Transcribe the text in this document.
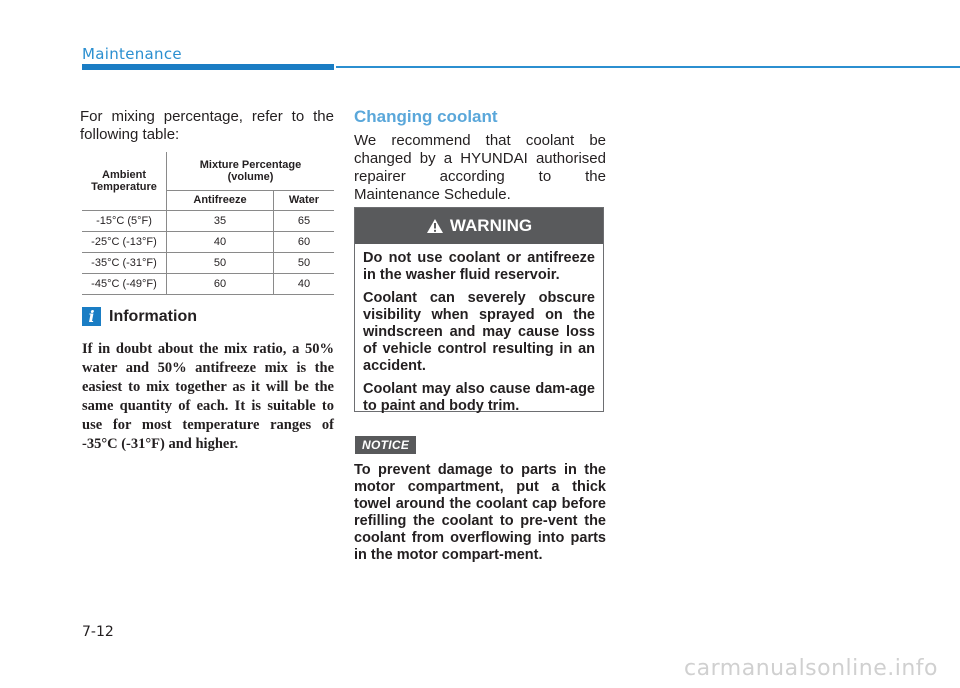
Maintenance
For mixing percentage, refer to the following table:
Ambient Temperature	Mixture Percentage (volume)	
	Antifreeze	Water
-15°C (5°F)	35	65
-25°C (-13°F)	40	60
-35°C (-31°F)	50	50
-45°C (-49°F)	60	40
i Information
If in doubt about the mix ratio, a 50% water and 50% antifreeze mix is the easiest to mix together as it will be the same quantity of each. It is suitable to use for most temperature ranges of -35°C (-31°F) and higher.
Changing coolant
We recommend that coolant be changed by a HYUNDAI authorised repairer according to the Maintenance Schedule.
WARNING

Do not use coolant or antifreeze in the washer fluid reservoir.

Coolant can severely obscure visibility when sprayed on the windscreen and may cause loss of vehicle control resulting in an accident.

Coolant may also cause dam-age to paint and body trim.

NOTICE
To prevent damage to parts in the motor compartment, put a thick towel around the coolant cap before refilling the coolant to pre-vent the coolant from overflowing into parts in the motor compart-ment.
7-12
carmanualsonline.info
